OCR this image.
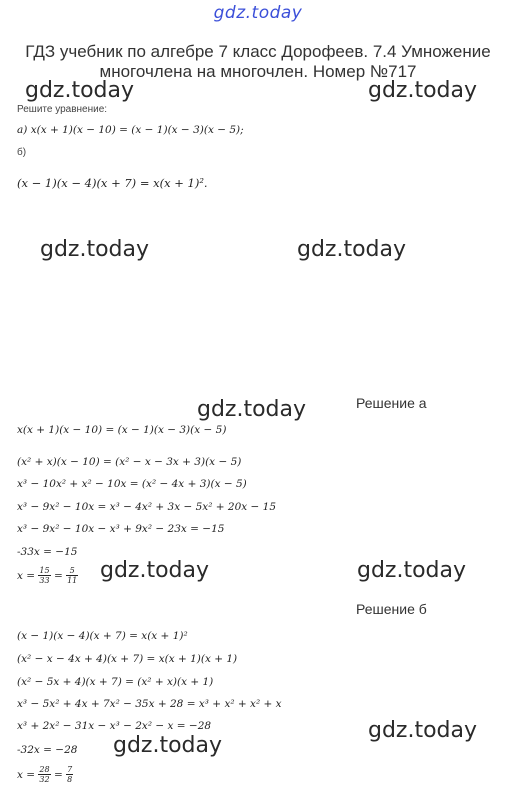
gdz.today
ГДЗ учебник по алгебре 7 класс Дорофеев. 7.4 Умножение многочлена на многочлен. Номер №717
gdz.today	gdz.today
gdz.today	gdz.today
gdz.today
gdz.today	gdz.today
gdz.today
gdz.today
Решите уравнение:
а) x(x + 1)(x − 10) = (x − 1)(x − 3)(x − 5);
б)
(x − 1)(x − 4)(x + 7) = x(x + 1)².
Решение а
x(x + 1)(x − 10) = (x − 1)(x − 3)(x − 5)
(x² + x)(x − 10) = (x² − x − 3x + 3)(x − 5)
x³ − 10x² + x² − 10x = (x² − 4x + 3)(x − 5)
x³ − 9x² − 10x = x³ − 4x² + 3x − 5x² + 20x − 15
x³ − 9x² − 10x − x³ + 9x² − 23x = −15
-33x = −15
$x = \frac{15}{33} = \frac{5}{11}$
Решение б
(x − 1)(x − 4)(x + 7) = x(x + 1)²
(x² − x − 4x + 4)(x + 7) = x(x + 1)(x + 1)
(x² − 5x + 4)(x + 7) = (x² + x)(x + 1)
x³ − 5x² + 4x + 7x² − 35x + 28 = x³ + x² + x² + x
x³ + 2x² − 31x − x³ − 2x² − x = −28
-32x = −28
$x = \frac{28}{32} = \frac{7}{8}$
